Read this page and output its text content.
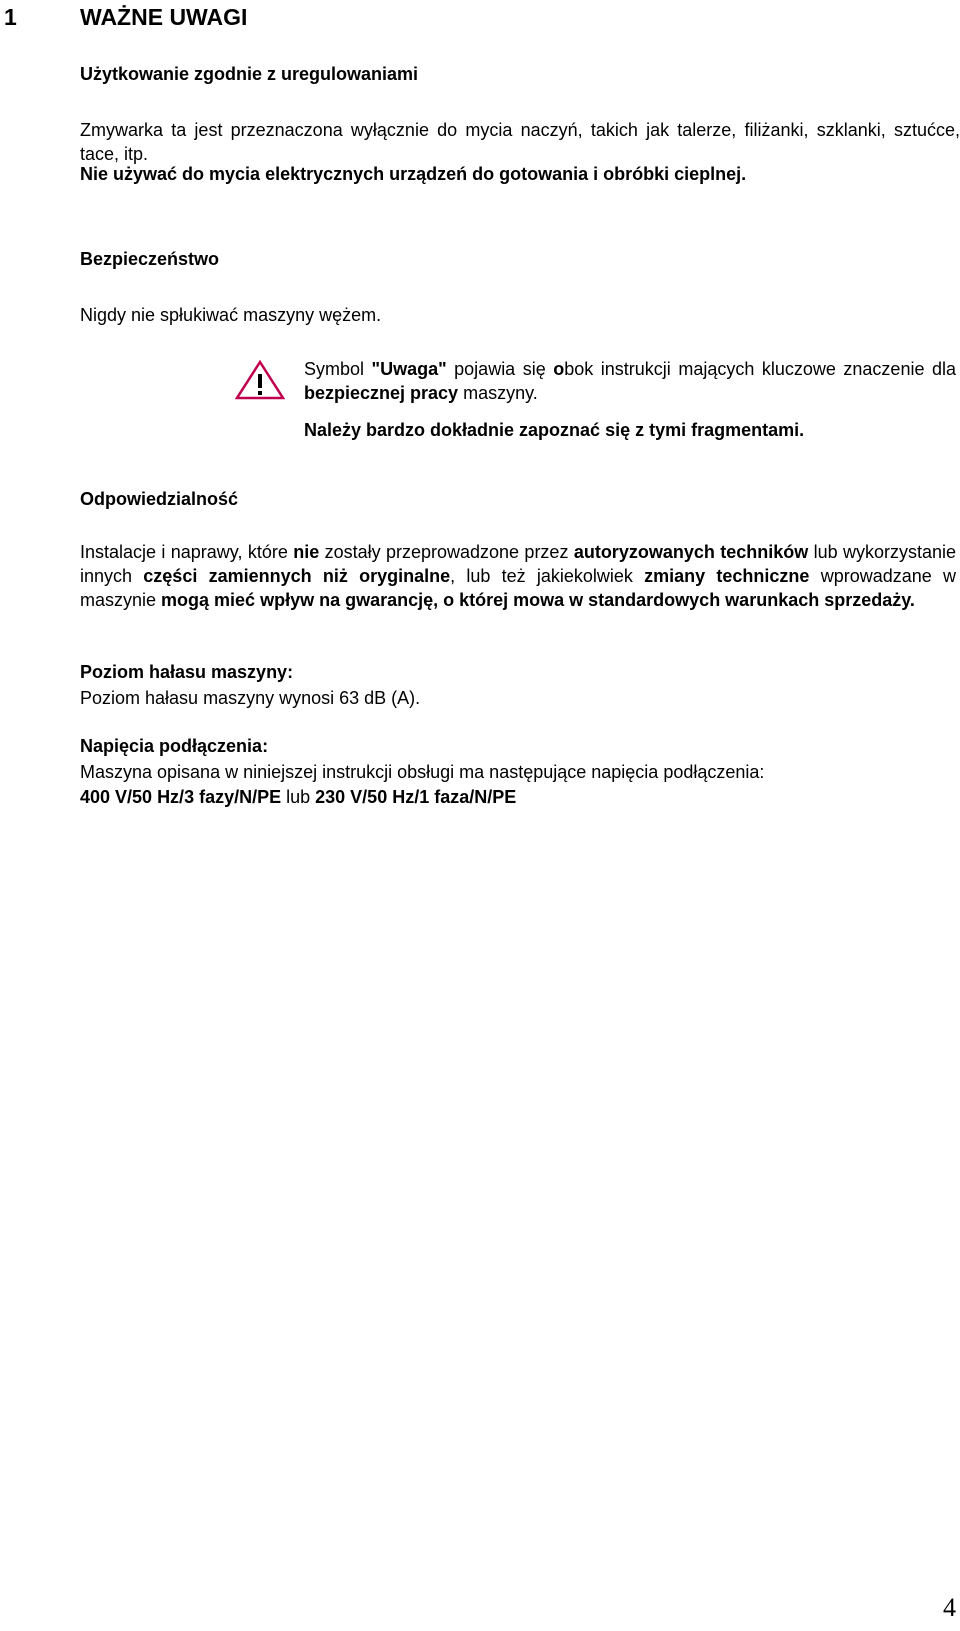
1	WAŻNE UWAGI
Użytkowanie zgodnie z uregulowaniami
Zmywarka ta jest przeznaczona wyłącznie do mycia naczyń, takich jak talerze, filiżanki, szklanki, sztućce, tace, itp.
Nie używać do mycia elektrycznych urządzeń do gotowania i obróbki cieplnej.
Bezpieczeństwo
Nigdy nie spłukiwać maszyny wężem.
Symbol "Uwaga" pojawia się obok instrukcji mających kluczowe znaczenie dla bezpiecznej pracy maszyny.
Należy bardzo dokładnie zapoznać się z tymi fragmentami.
Odpowiedzialność
Instalacje i naprawy, które nie zostały przeprowadzone przez autoryzowanych techników lub wykorzystanie innych części zamiennych niż oryginalne, lub też jakiekolwiek zmiany techniczne wprowadzane w maszynie mogą mieć wpływ na gwarancję, o której mowa w standardowych warunkach sprzedaży.
Poziom hałasu maszyny:
Poziom hałasu maszyny wynosi 63 dB (A).
Napięcia podłączenia:
Maszyna opisana w niniejszej instrukcji obsługi ma następujące napięcia podłączenia:
400 V/50 Hz/3 fazy/N/PE lub 230 V/50 Hz/1 faza/N/PE
4
